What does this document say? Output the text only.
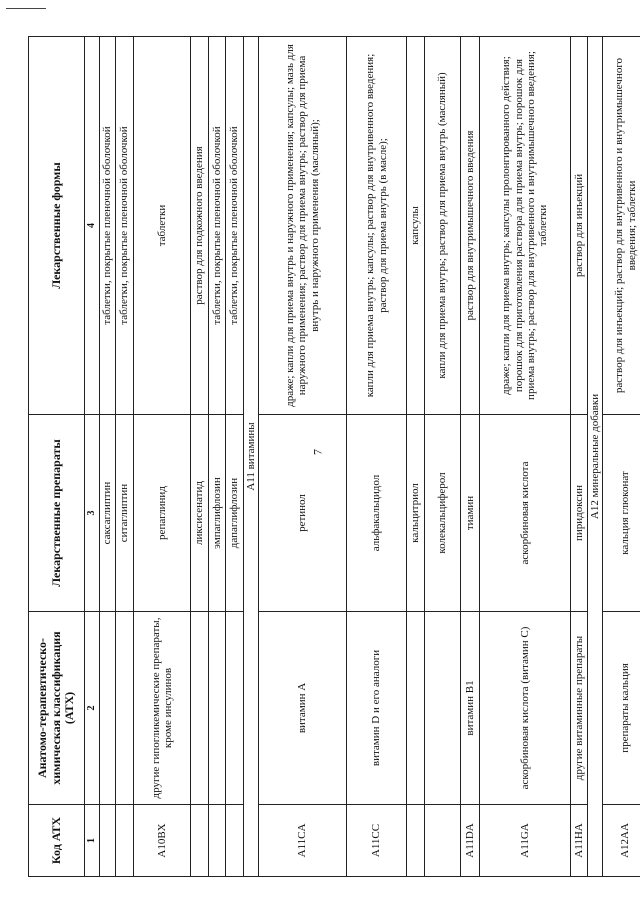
7
Код АТХ	Анатомо-терапевтическо-химическая классификация (АТХ)	Лекарственные препараты	Лекарственные формы
1	2	3	4
		саксаглиптин	таблетки, покрытые пленочной оболочкой
		ситаглиптин	таблетки, покрытые пленочной оболочкой
A10BX	другие гипогликемические препараты, кроме инсулинов	репаглинид	таблетки
		ликсисенатид	раствор для подкожного введения
		эмпаглифлозин	таблетки, покрытые пленочной оболочкой
		дапаглифлозин	таблетки, покрытые пленочной оболочкой
A11 витамины			
A11CA	витамин А	ретинол	драже; капли для приема внутрь и наружного применения; капсулы; мазь для наружного применения; раствор для приема внутрь; раствор для приема внутрь и наружного применения (масляный);
A11CC	витамин D и его аналоги	альфакальцидол	капли для приема внутрь; капсулы; раствор для внутривенного введения; раствор для приема внутрь (в масле);
		кальцитриол	капсулы
		колекальциферол	капли для приема внутрь; раствор для приема внутрь (масляный)
A11DA	витамин В1	тиамин	раствор для внутримышечного введения
A11GA	аскорбиновая кислота (витамин С)	аскорбиновая кислота	драже; капли для приема внутрь; капсулы пролонгированного действия; порошок для приготовления раствора для приема внутрь; порошок для приема внутрь; раствор для внутривенного и внутримышечного введения; таблетки
A11HA	другие витаминные препараты	пиридоксин	раствор для инъекций
A12 минеральные добавки			
A12AA	препараты кальция	кальция глюконат	раствор для инъекций; раствор для внутривенного и внутримышечного введения; таблетки
